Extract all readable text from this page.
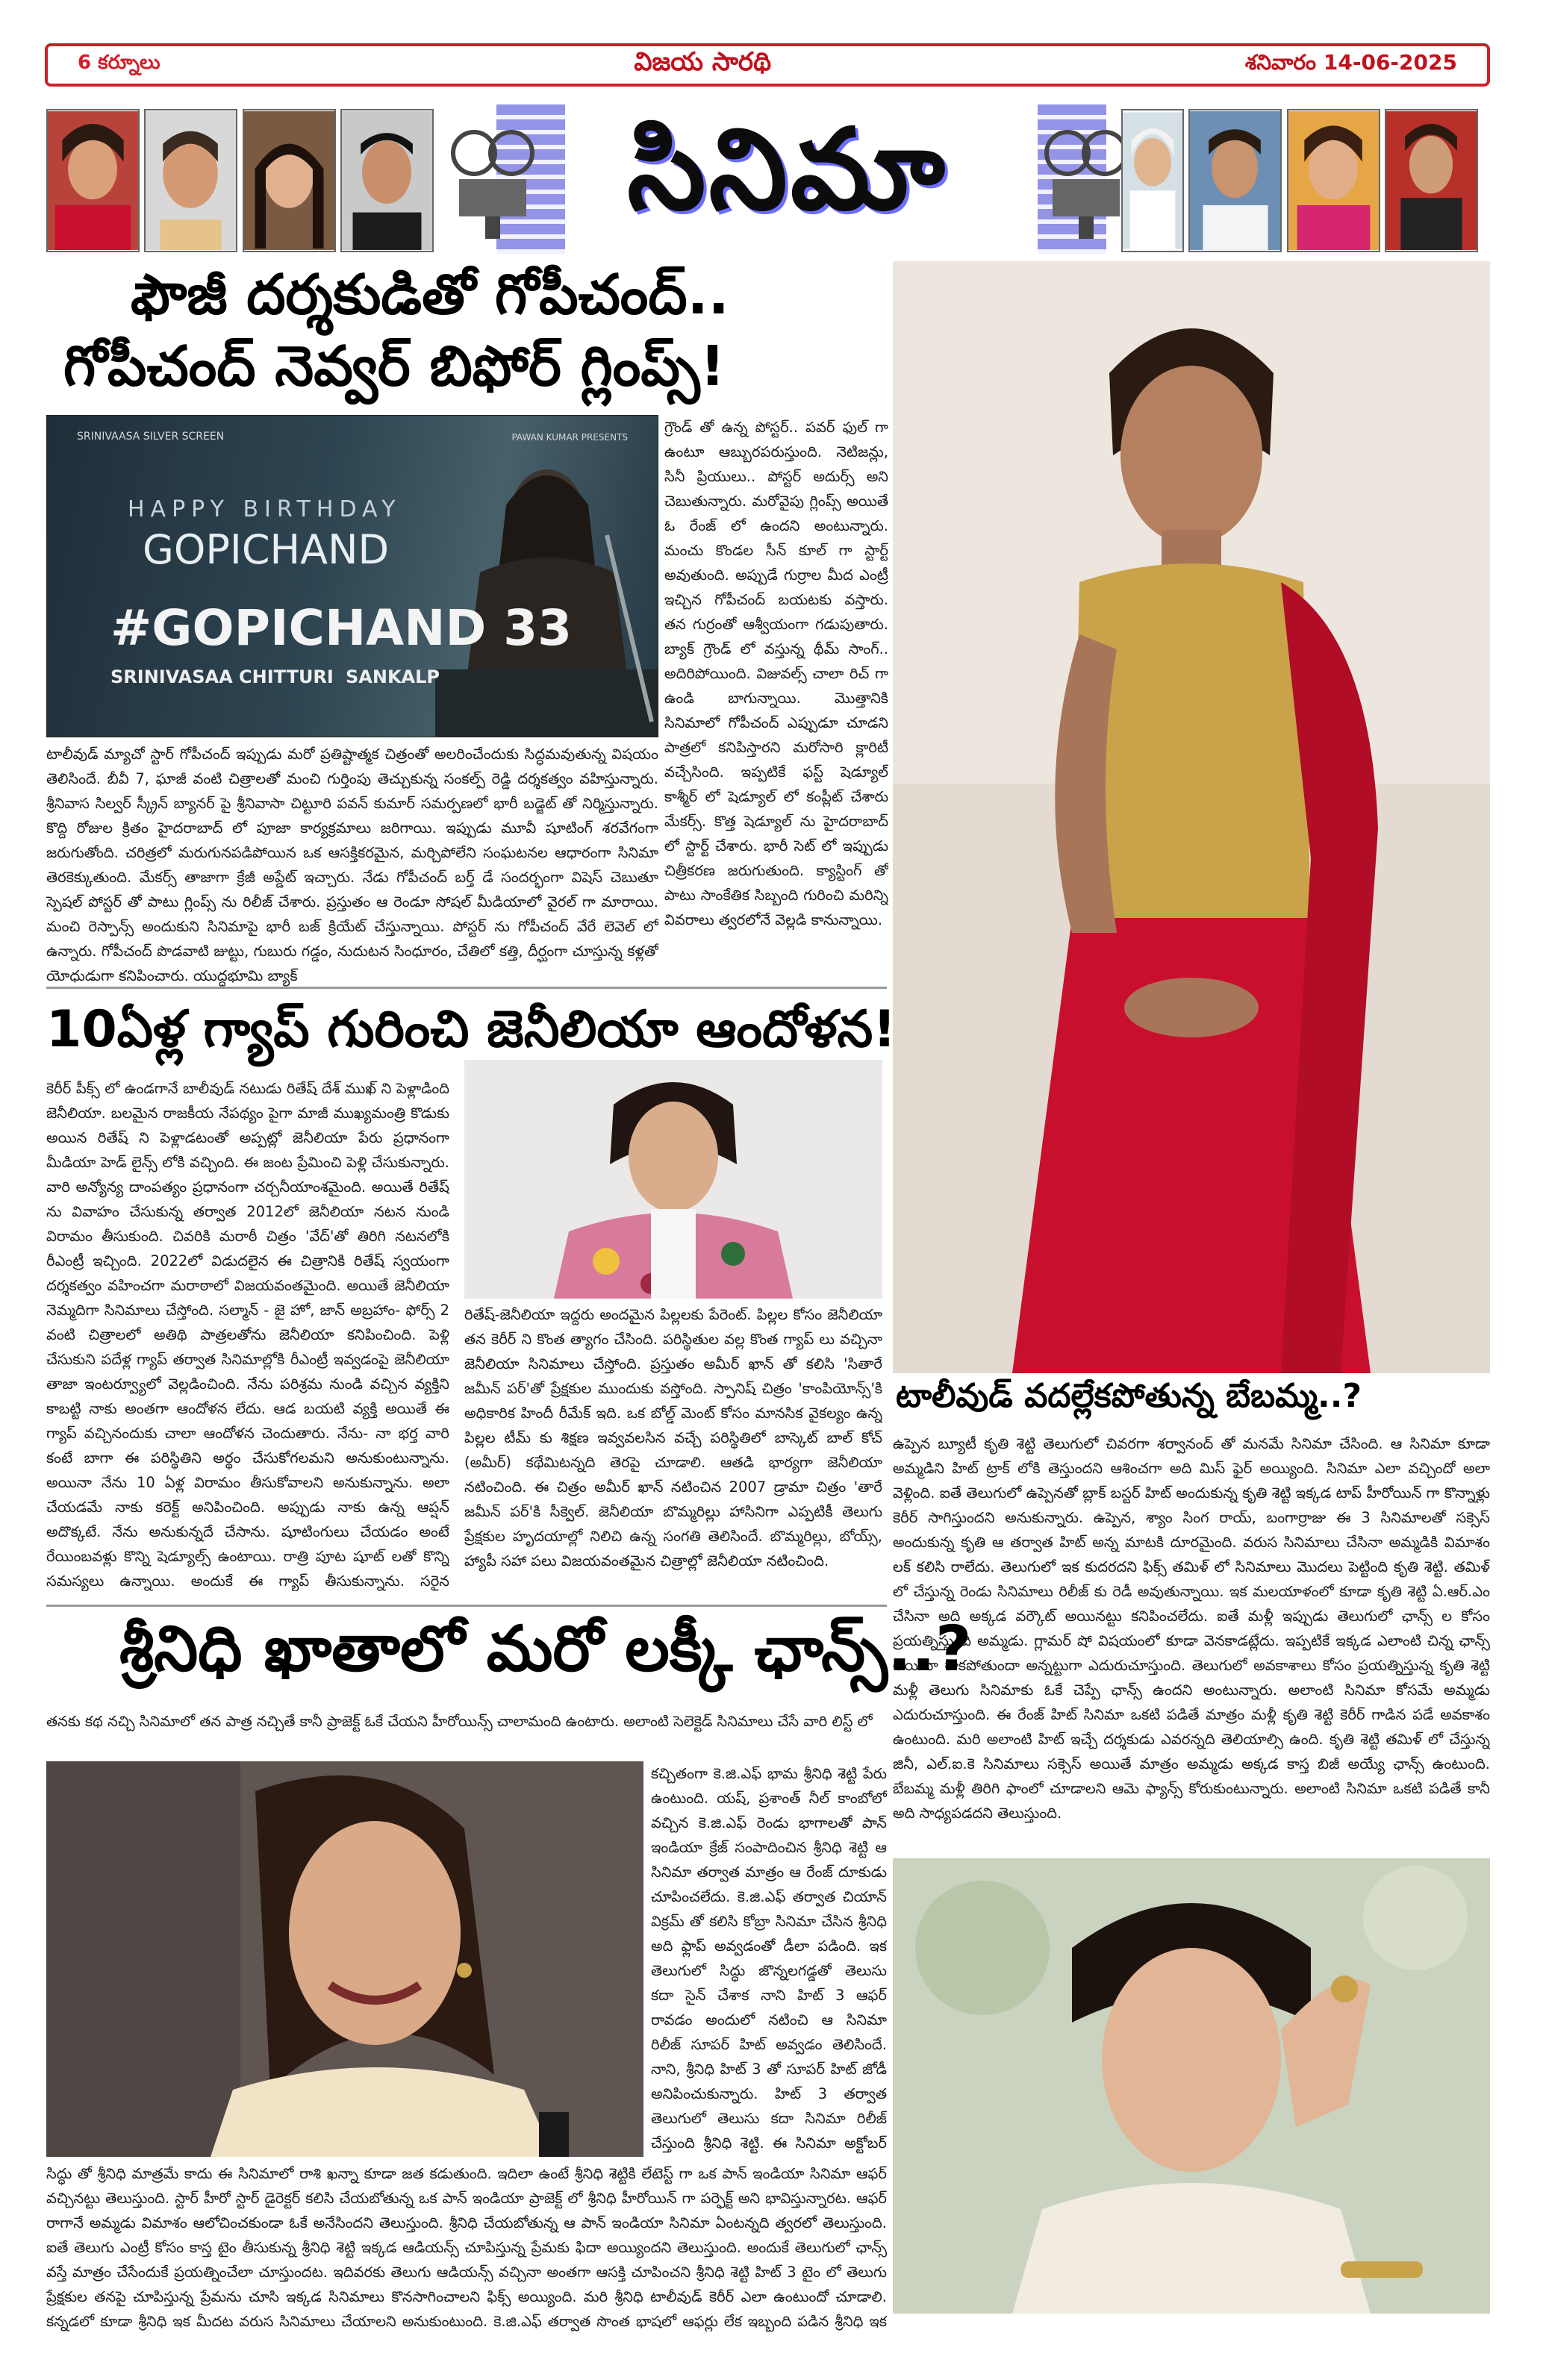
6 కర్నూలు	విజయ సారథి	శనివారం 14-06-2025
సినిమా
ఫౌజీ దర్శకుడితో గోపీచంద్..
గోపీచంద్ నెవ్వర్ బిఫోర్ గ్లింప్స్!
SRINIVAASA SILVER SCREEN	PAWAN KUMAR PRESENTS
HAPPY BIRTHDAY
GOPICHAND
#GOPICHAND 33
SRINIVASAA CHITTURI SANKALP
గ్రౌండ్ తో ఉన్న పోస్టర్.. పవర్ ఫుల్ గా ఉంటూ ఆబ్బురపరుస్తుంది. నెటిజన్లు, సినీ ప్రియులు.. పోస్టర్ అదుర్స్ అని చెబుతున్నారు. మరోవైపు గ్లింప్స్ అయితే ఓ రేంజ్ లో ఉందని అంటున్నారు. మంచు కొండల సీన్ కూల్ గా స్టార్ట్ అవుతుంది. అప్పుడే గుర్రాల మీద ఎంట్రీ ఇచ్చిన గోపీచంద్ బయటకు వస్తారు. తన గుర్రంతో ఆశ్వీయంగా గడుపుతారు. బ్యాక్ గ్రౌండ్ లో వస్తున్న థీమ్ సాంగ్.. అదిరిపోయింది. విజువల్స్ చాలా రిచ్ గా ఉండి బాగున్నాయి. మొత్తానికి సినిమాలో గోపీచంద్ ఎప్పుడూ చూడని పాత్రలో కనిపిస్తారని మరోసారి క్లారిటీ వచ్చేసింది. ఇప్పటికే ఫస్ట్ షెడ్యూల్ కాశ్మీర్ లో షెడ్యూల్ లో కంప్లీట్ చేశారు మేకర్స్. కొత్త షెడ్యూల్ ను హైదరాబాద్ లో స్టార్ట్ చేశారు. భారీ సెట్ లో ఇప్పుడు చిత్రీకరణ జరుగుతుంది. క్యాస్టింగ్ తో పాటు సాంకేతిక సిబ్బంది గురించి మరిన్ని వివరాలు త్వరలోనే వెల్లడి కానున్నాయి.
టాలీవుడ్ మ్యాచో స్టార్ గోపీచంద్ ఇప్పుడు మరో ప్రతిష్టాత్మక చిత్రంతో అలరించేందుకు సిద్ధమవుతున్న విషయం తెలిసిందే. బీవీ 7, ఘాజీ వంటి చిత్రాలతో మంచి గుర్తింపు తెచ్చుకున్న సంకల్ప్ రెడ్డి దర్శకత్వం వహిస్తున్నారు. శ్రీనివాస సిల్వర్ స్క్రీన్ బ్యానర్ పై శ్రీనివాసా చిట్టూరి పవన్ కుమార్ సమర్పణలో భారీ బడ్జెట్ తో నిర్మిస్తున్నారు. కొద్ది రోజుల క్రితం హైదరాబాద్ లో పూజా కార్యక్రమాలు జరిగాయి. ఇప్పుడు మూవీ షూటింగ్ శరవేగంగా జరుగుతోంది. చరిత్రలో మరుగునపడిపోయిన ఒక ఆసక్తికరమైన, మర్చిపోలేని సంఘటనల ఆధారంగా సినిమా తెరకెక్కుతుంది. మేకర్స్ తాజాగా క్రేజీ అప్డేట్ ఇచ్చారు. నేడు గోపీచంద్ బర్త్ డే సందర్భంగా విషెస్ చెబుతూ స్పెషల్ పోస్టర్ తో పాటు గ్లింప్స్ ను రిలీజ్ చేశారు. ప్రస్తుతం ఆ రెండూ సోషల్ మీడియాలో వైరల్ గా మారాయి. మంచి రెస్పాన్స్ అందుకుని సినిమాపై భారీ బజ్ క్రియేట్ చేస్తున్నాయి. పోస్టర్ ను గోపీచంద్ వేరే లెవెల్ లో ఉన్నారు. గోపీచంద్ పొడవాటి జుట్టు, గుబురు గడ్డం, నుదుటన సింధూరం, చేతిలో కత్తి, దీర్ఘంగా చూస్తున్న కళ్లతో యోధుడుగా కనిపించారు. యుద్ధభూమి బ్యాక్
10ఏళ్ల గ్యాప్ గురించి జెనీలియా ఆందోళన!
కెరీర్ పీక్స్ లో ఉండగానే బాలీవుడ్ నటుడు రితేష్ దేశ్ ముఖ్ ని పెళ్లాడింది జెనీలియా. బలమైన రాజకీయ నేపథ్యం పైగా మాజీ ముఖ్యమంత్రి కొడుకు అయిన రితేష్ ని పెళ్లాడటంతో అప్పట్లో జెనీలియా పేరు ప్రధానంగా మీడియా హెడ్ లైన్స్ లోకి వచ్చింది. ఈ జంట ప్రేమించి పెళ్లి చేసుకున్నారు. వారి అన్యోన్య దాంపత్యం ప్రధానంగా చర్చనీయాంశమైంది. అయితే రితేష్ ను వివాహం చేసుకున్న తర్వాత 2012లో జెనీలియా నటన నుండి విరామం తీసుకుంది. చివరికి మరాఠీ చిత్రం 'వేద్'తో తిరిగి నటనలోకి రీఎంట్రీ ఇచ్చింది. 2022లో విడుదలైన ఈ చిత్రానికి రితేష్ స్వయంగా దర్శకత్వం వహించగా మరాఠాలో విజయవంతమైంది. అయితే జెనీలియా నెమ్మదిగా సినిమాలు చేస్తోంది. సల్మాన్ - జై హో, జాన్ అబ్రహాం- ఫోర్స్ 2 వంటి చిత్రాలలో అతిథి పాత్రలతోను జెనీలియా కనిపించింది. పెళ్లి చేసుకుని పదేళ్ల గ్యాప్ తర్వాత సినిమాల్లోకి రీఎంట్రీ ఇవ్వడంపై జెనీలియా తాజా ఇంటర్వ్యూలో వెల్లడించింది. నేను పరిశ్రమ నుండి వచ్చిన వ్యక్తిని కాబట్టి నాకు అంతగా ఆందోళన లేదు. ఆడ బయటి వ్యక్తి అయితే ఈ గ్యాప్ వచ్చినందుకు చాలా ఆందోళన చెందుతారు. నేను- నా భర్త వారి కంటే బాగా ఈ పరిస్థితిని అర్థం చేసుకోగలమని అనుకుంటున్నాను. అయినా నేను 10 ఏళ్ల విరామం తీసుకోవాలని అనుకున్నాను. అలా చేయడమే నాకు కరెక్ట్ అనిపించింది. అప్పుడు నాకు ఉన్న ఆప్షన్ అదొక్కటే. నేను అనుకున్నదే చేసాను. షూటింగులు చేయడం అంటే రేయింబవళ్లు కొన్ని షెడ్యూల్స్ ఉంటాయి. రాత్రి పూట షూట్ లతో కొన్ని సమస్యలు ఉన్నాయి. అందుకే ఈ గ్యాప్ తీసుకున్నాను. సరైన
రితేష్-జెనీలియా ఇద్దరు అందమైన పిల్లలకు పేరెంట్. పిల్లల కోసం జెనీలియా తన కెరీర్ ని కొంత త్యాగం చేసింది. పరిస్థితుల వల్ల కొంత గ్యాప్ లు వచ్చినా జెనీలియా సినిమాలు చేస్తోంది. ప్రస్తుతం అమీర్ ఖాన్ తో కలిసి 'సితారే జమీన్ పర్'తో ప్రేక్షకుల ముందుకు వస్తోంది. స్పానిష్ చిత్రం 'కాంపియోన్స్'కి అధికారిక హిందీ రీమేక్ ఇది. ఒక బోల్డ్ మెంట్ కోసం మానసిక వైకల్యం ఉన్న పిల్లల టీమ్ కు శిక్షణ ఇవ్వవలసిన వచ్చే పరిస్థితిలో బాస్కెట్ బాల్ కోచ్ (అమీర్) కథేమిటన్నది తెరపై చూడాలి. ఆతడి భార్యగా జెనీలియా నటించింది. ఈ చిత్రం అమీర్ ఖాన్ నటించిన 2007 డ్రామా చిత్రం 'తారే జమీన్ పర్'కి సీక్వెల్. జెనీలియా బొమ్మరిల్లు హాసినిగా ఎప్పటికీ తెలుగు ప్రేక్షకుల హృదయాల్లో నిలిచి ఉన్న సంగతి తెలిసిందే. బొమ్మరిల్లు, బోయ్స్, హ్యాపీ సహా పలు విజయవంతమైన చిత్రాల్లో జెనీలియా నటించింది.
టాలీవుడ్ వదల్లేకపోతున్న బేబమ్మ..?
ఉప్పెన బ్యూటీ కృతి శెట్టి తెలుగులో చివరగా శర్వానంద్ తో మనమే సినిమా చేసింది. ఆ సినిమా కూడా అమ్మడిని హిట్ ట్రాక్ లోకి తెస్తుందని ఆశించగా అది మిస్ ఫైర్ అయ్యింది. సినిమా ఎలా వచ్చిందో అలా వెళ్లింది. ఐతే తెలుగులో ఉప్పెనతో బ్లాక్ బస్టర్ హిట్ అందుకున్న కృతి శెట్టి ఇక్కడ టాప్ హీరోయిన్ గా కొన్నాళ్లు కెరీర్ సాగిస్తుందని అనుకున్నారు. ఉప్పెన, శ్యాం సింగ రాయ్, బంగార్రాజు ఈ 3 సినిమాలతో సక్సెస్ అందుకున్న కృతి ఆ తర్వాత హిట్ అన్న మాటకి దూరమైంది. వరుస సినిమాలు చేసినా అమ్మడికి విమాశం లక్ కలిసి రాలేదు. తెలుగులో ఇక కుదరదని ఫిక్స్ తమిళ్ లో సినిమాలు మొదలు పెట్టింది కృతి శెట్టి. తమిళ్ లో చేస్తున్న రెండు సినిమాలు రిలీజ్ కు రెడీ అవుతున్నాయి. ఇక మలయాళంలో కూడా కృతి శెట్టి ఏ.ఆర్.ఎం చేసినా అది అక్కడ వర్కౌట్ అయినట్టు కనిపించలేదు. ఐతే మళ్లీ ఇప్పుడు తెలుగులో ఛాన్స్ ల కోసం ప్రయత్నిస్తుంది అమ్మడు. గ్లామర్ షో విషయంలో కూడా వెనకాడట్లేదు. ఇప్పటికే ఇక్కడ ఎలాంటి చిన్న ఛాన్స్ అయినా రాకపోతుందా అన్నట్టుగా ఎదురుచూస్తుంది. తెలుగులో అవకాశాలు కోసం ప్రయత్నిస్తున్న కృతి శెట్టి మళ్లీ తెలుగు సినిమాకు ఓకే చెప్పే ఛాన్స్ ఉందని అంటున్నారు. అలాంటి సినిమా కోసమే అమ్మడు ఎదురుచూస్తుంది. ఈ రేంజ్ హిట్ సినిమా ఒకటి పడితే మాత్రం మళ్లీ కృతి శెట్టి కెరీర్ గాడిన పడే అవకాశం ఉంటుంది. మరి అలాంటి హిట్ ఇచ్చే దర్శకుడు ఎవరన్నది తెలియాల్సి ఉంది. కృతి శెట్టి తమిళ్ లో చేస్తున్న జినీ, ఎల్.ఐ.కె సినిమాలు సక్సెస్ అయితే మాత్రం అమ్మడు అక్కడ కాస్త బిజీ అయ్యే ఛాన్స్ ఉంటుంది. బేబమ్మ మళ్లీ తిరిగి ఫాంలో చూడాలని ఆమె ఫ్యాన్స్ కోరుకుంటున్నారు. అలాంటి సినిమా ఒకటి పడితే కానీ అది సాధ్యపడదని తెలుస్తుంది.
శ్రీనిధి ఖాతాలో మరో లక్కీ ఛాన్స్..?
తనకు కథ నచ్చి సినిమాలో తన పాత్ర నచ్చితే కానీ ప్రాజెక్ట్ ఓకే చేయని హీరోయిన్స్ చాలామంది ఉంటారు. అలాంటి సెలెక్టెడ్ సినిమాలు చేసే వారి లిస్ట్ లో
కచ్చితంగా కె.జి.ఎఫ్ భామ శ్రీనిధి శెట్టి పేరు ఉంటుంది. యష్, ప్రశాంత్ నీల్ కాంబోలో వచ్చిన కె.జి.ఎఫ్ రెండు భాగాలతో పాన్ ఇండియా క్రేజ్ సంపాదించిన శ్రీనిధి శెట్టి ఆ సినిమా తర్వాత మాత్రం ఆ రేంజ్ దూకుడు చూపించలేదు. కె.జి.ఎఫ్ తర్వాత చియాన్ విక్రమ్ తో కలిసి కోబ్రా సినిమా చేసిన శ్రీనిధి అది ఫ్లాప్ అవ్వడంతో డీలా పడింది. ఇక తెలుగులో సిద్ధు జొన్నలగడ్డతో తెలుసు కదా సైన్ చేశాక నాని హిట్ 3 ఆఫర్ రావడం అందులో నటించి ఆ సినిమా రిలీజ్ సూపర్ హిట్ అవ్వడం తెలిసిందే. నాని, శ్రీనిధి హిట్ 3 తో సూపర్ హిట్ జోడీ అనిపించుకున్నారు. హిట్ 3 తర్వాత తెలుగులో తెలుసు కదా సినిమా రిలీజ్ చేస్తుంది శ్రీనిధి శెట్టి. ఈ సినిమా అక్టోబర్
సిద్ధు తో శ్రీనిధి మాత్రమే కాదు ఈ సినిమాలో రాశి ఖన్నా కూడా జత కడుతుంది. ఇదిలా ఉంటే శ్రీనిధి శెట్టికి లేటెస్ట్ గా ఒక పాన్ ఇండియా సినిమా ఆఫర్ వచ్చినట్టు తెలుస్తుంది. స్టార్ హీరో స్టార్ డైరెక్టర్ కలిసి చేయబోతున్న ఒక పాన్ ఇండియా ప్రాజెక్ట్ లో శ్రీనిధి హీరోయిన్ గా పర్ఫెక్ట్ అని భావిస్తున్నారట. ఆఫర్ రాగానే అమ్మడు విమాశం ఆలోచించకుండా ఓకే అనేసిందని తెలుస్తుంది. శ్రీనిధి చేయబోతున్న ఆ పాన్ ఇండియా సినిమా ఏంటన్నది త్వరలో తెలుస్తుంది. ఐతే తెలుగు ఎంట్రీ కోసం కాస్త టైం తీసుకున్న శ్రీనిధి శెట్టి ఇక్కడ ఆడియన్స్ చూపిస్తున్న ప్రేమకు ఫిదా అయ్యిందని తెలుస్తుంది. అందుకే తెలుగులో ఛాన్స్ వస్తే మాత్రం చేసేందుకే ప్రయత్నించేలా చూస్తుందట. ఇదివరకు తెలుగు ఆడియన్స్ వచ్చినా అంతగా ఆసక్తి చూపించని శ్రీనిధి శెట్టి హిట్ 3 టైం లో తెలుగు ప్రేక్షకుల తనపై చూపిస్తున్న ప్రేమను చూసి ఇక్కడ సినిమాలు కొనసాగించాలని ఫిక్స్ అయ్యింది. మరి శ్రీనిధి టాలీవుడ్ కెరీర్ ఎలా ఉంటుందో చూడాలి. కన్నడలో కూడా శ్రీనిధి ఇక మీదట వరుస సినిమాలు చేయాలని అనుకుంటుంది. కె.జి.ఎఫ్ తర్వాత సొంత భాషలో ఆఫర్లు లేక ఇబ్బంది పడిన శ్రీనిధి ఇక
